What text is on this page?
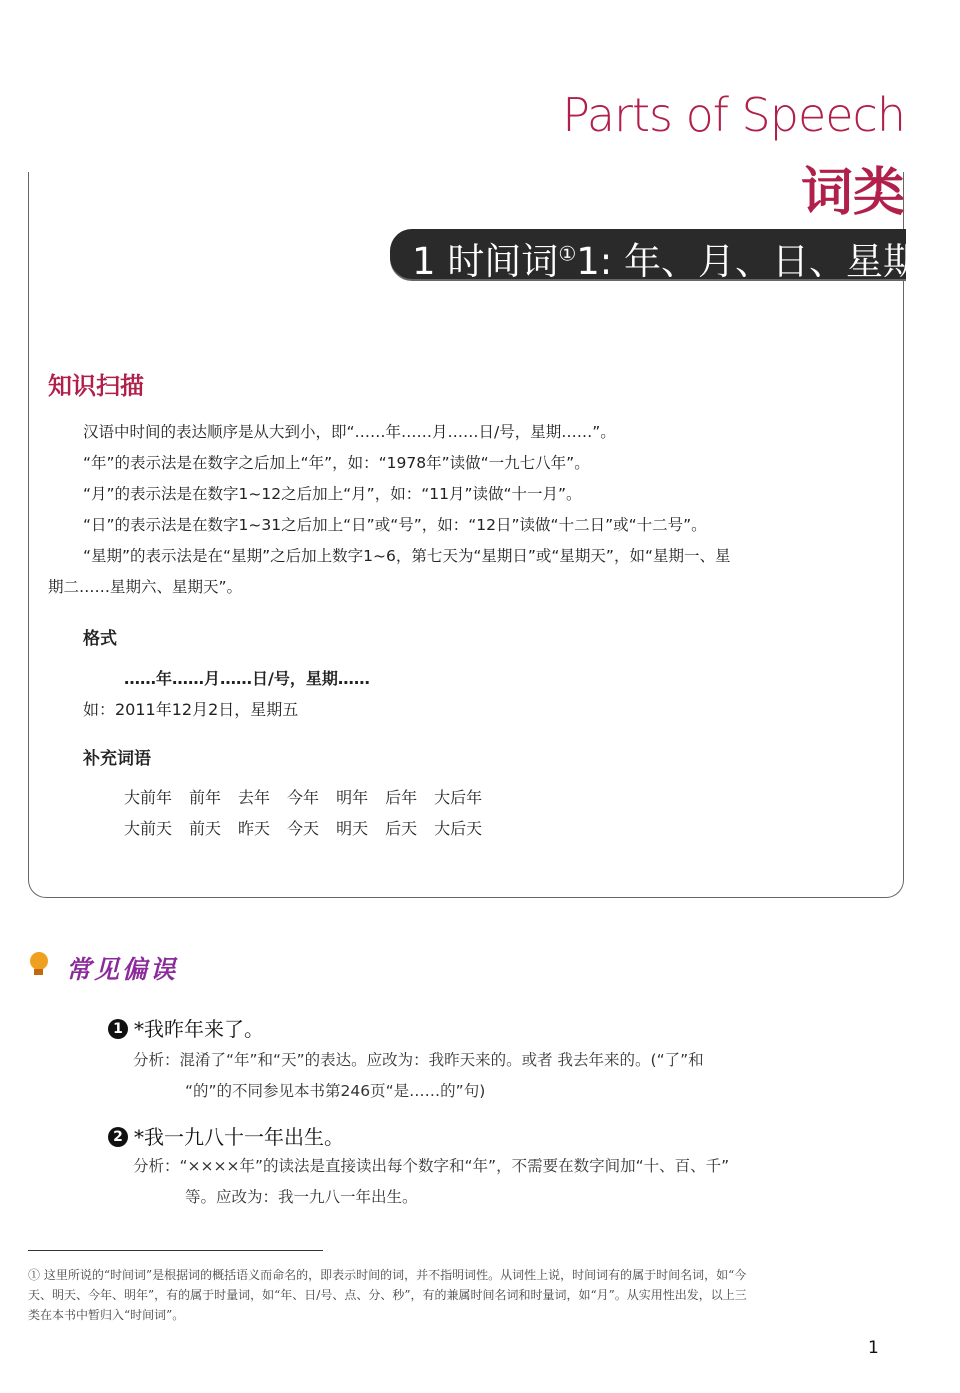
Parts of Speech
词类
1 时间词①1: 年、月、日、星期
知识扫描
汉语中时间的表达顺序是从大到小，即“……年……月……日/号，星期……”。
“年”的表示法是在数字之后加上“年”，如：“1978年”读做“一九七八年”。
“月”的表示法是在数字1~12之后加上“月”，如：“11月”读做“十一月”。
“日”的表示法是在数字1~31之后加上“日”或“号”，如：“12日”读做“十二日”或“十二号”。
“星期”的表示法是在“星期”之后加上数字1~6，第七天为“星期日”或“星期天”，如“星期一、星
期二……星期六、星期天”。
格式
……年……月……日/号，星期……
如：2011年12月2日，星期五
补充词语
大前年 前年 去年 今年 明年 后年 大后年
大前天 前天 昨天 今天 明天 后天 大后天
常见偏误
1 *我昨年来了。
分析：混淆了“年”和“天”的表达。应改为：我昨天来的。或者 我去年来的。(“了”和
“的”的不同参见本书第246页“是……的”句)
2 *我一九八十一年出生。
分析：“××××年”的读法是直接读出每个数字和“年”，不需要在数字间加“十、百、千”
等。应改为：我一九八一年出生。
① 这里所说的“时间词”是根据词的概括语义而命名的，即表示时间的词，并不指明词性。从词性上说，时间词有的属于时间名词，如“今
天、明天、今年、明年”，有的属于时量词，如“年、日/号、点、分、秒”，有的兼属时间名词和时量词，如“月”。从实用性出发，以上三
类在本书中暂归入“时间词”。
1
